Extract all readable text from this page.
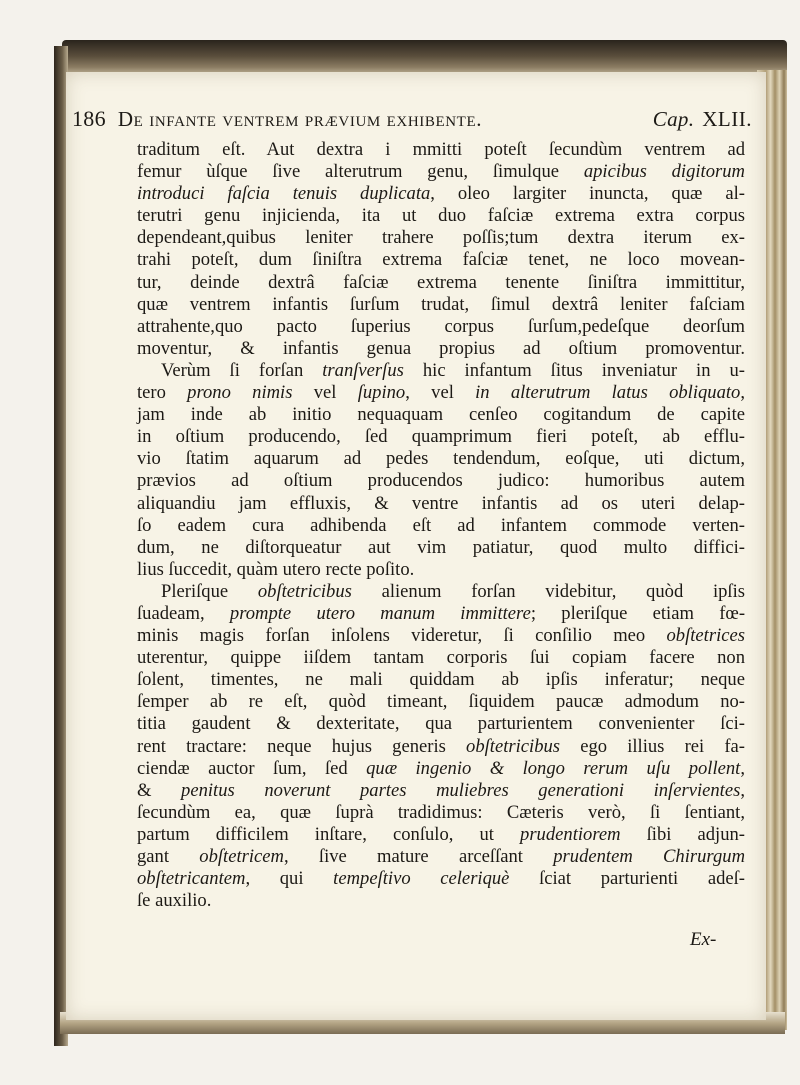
186 De infante ventrem prævium exhibente.	Cap. XLII.
traditum eſt. Aut dextra i mmitti poteſt ſecundùm ventrem ad
femur ùſque ſive alterutrum genu, ſimulque apicibus digitorum
introduci faſcia tenuis duplicata, oleo largiter inuncta, quæ al-
terutri genu injicienda, ita ut duo faſciæ extrema extra corpus
dependeant,quibus leniter trahere poſſis;tum dextra iterum ex-
trahi poteſt, dum ſiniſtra extrema faſciæ tenet, ne loco movean-
tur, deinde dextrâ faſciæ extrema tenente ſiniſtra immittitur,
quæ ventrem infantis ſurſum trudat, ſimul dextrâ leniter faſciam
attrahente,quo pacto ſuperius corpus ſurſum,pedeſque deorſum
moventur, & infantis genua propius ad oſtium promoventur.
Verùm ſi forſan tranſverſus hic infantum ſitus inveniatur in u-
tero prono nimis vel ſupino, vel in alterutrum latus obliquato,
jam inde ab initio nequaquam cenſeo cogitandum de capite
in oſtium producendo, ſed quamprimum fieri poteſt, ab efflu-
vio ſtatim aquarum ad pedes tendendum, eoſque, uti dictum,
prævios ad oſtium producendos judico: humoribus autem
aliquandiu jam effluxis, & ventre infantis ad os uteri delap-
ſo eadem cura adhibenda eſt ad infantem commode verten-
dum, ne diſtorqueatur aut vim patiatur, quod multo diffici-
lius ſuccedit, quàm utero recte poſito.
Pleriſque obſtetricibus alienum forſan videbitur, quòd ipſis
ſuadeam, prompte utero manum immittere; pleriſque etiam fœ-
minis magis forſan inſolens videretur, ſi conſilio meo obſtetrices
uterentur, quippe iiſdem tantam corporis ſui copiam facere non
ſolent, timentes, ne mali quiddam ab ipſis inferatur; neque
ſemper ab re eſt, quòd timeant, ſiquidem paucæ admodum no-
titia gaudent & dexteritate, qua parturientem convenienter ſci-
rent tractare: neque hujus generis obſtetricibus ego illius rei fa-
ciendæ auctor ſum, ſed quæ ingenio & longo rerum uſu pollent,
& penitus noverunt partes muliebres generationi inſervientes,
ſecundùm ea, quæ ſuprà tradidimus: Cæteris verò, ſi ſentiant,
partum difficilem inſtare, conſulo, ut prudentiorem ſibi adjun-
gant obſtetricem, ſive mature arceſſant prudentem Chirurgum
obſtetricantem, qui tempeſtivo celeriquè ſciat parturienti adeſ-
ſe auxilio.
Ex-
